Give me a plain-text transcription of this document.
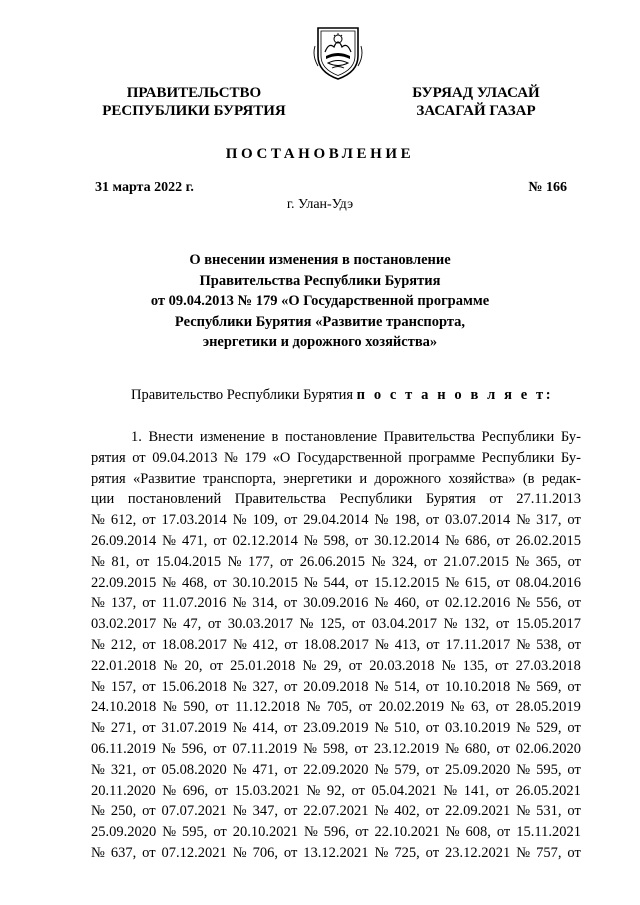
ПРАВИТЕЛЬСТВО
РЕСПУБЛИКИ БУРЯТИЯ
БУРЯАД УЛАСАЙ
ЗАСАГАЙ ГАЗАР
ПОСТАНОВЛЕНИЕ
31 марта 2022 г.	№ 166
г. Улан-Удэ
О внесении изменения в постановление
Правительства Республики Бурятия
от 09.04.2013 № 179 «О Государственной программе
Республики Бурятия «Развитие транспорта,
энергетики и дорожного хозяйства»
Правительство Республики Бурятия п о с т а н о в л я е т:
1. Внести изменение в постановление Правительства Республики Бу-
рятия от 09.04.2013 № 179 «О Государственной программе Республики Бу-
рятия «Развитие транспорта, энергетики и дорожного хозяйства» (в редак-
ции постановлений Правительства Республики Бурятия от 27.11.2013
№ 612, от 17.03.2014 № 109, от 29.04.2014 № 198, от 03.07.2014 № 317, от
26.09.2014 № 471, от 02.12.2014 № 598, от 30.12.2014 № 686, от 26.02.2015
№ 81, от 15.04.2015 № 177, от 26.06.2015 № 324, от 21.07.2015 № 365, от
22.09.2015 № 468, от 30.10.2015 № 544, от 15.12.2015 № 615, от 08.04.2016
№ 137, от 11.07.2016 № 314, от 30.09.2016 № 460, от 02.12.2016 № 556, от
03.02.2017 № 47, от 30.03.2017 № 125, от 03.04.2017 № 132, от 15.05.2017
№ 212, от 18.08.2017 № 412, от 18.08.2017 № 413, от 17.11.2017 № 538, от
22.01.2018 № 20, от 25.01.2018 № 29, от 20.03.2018 № 135, от 27.03.2018
№ 157, от 15.06.2018 № 327, от 20.09.2018 № 514, от 10.10.2018 № 569, от
24.10.2018 № 590, от 11.12.2018 № 705, от 20.02.2019 № 63, от 28.05.2019
№ 271, от 31.07.2019 № 414, от 23.09.2019 № 510, от 03.10.2019 № 529, от
06.11.2019 № 596, от 07.11.2019 № 598, от 23.12.2019 № 680, от 02.06.2020
№ 321, от 05.08.2020 № 471, от 22.09.2020 № 579, от 25.09.2020 № 595, от
20.11.2020 № 696, от 15.03.2021 № 92, от 05.04.2021 № 141, от 26.05.2021
№ 250, от 07.07.2021 № 347, от 22.07.2021 № 402, от 22.09.2021 № 531, от
25.09.2020 № 595, от 20.10.2021 № 596, от 22.10.2021 № 608, от 15.11.2021
№ 637, от 07.12.2021 № 706, от 13.12.2021 № 725, от 23.12.2021 № 757, от
